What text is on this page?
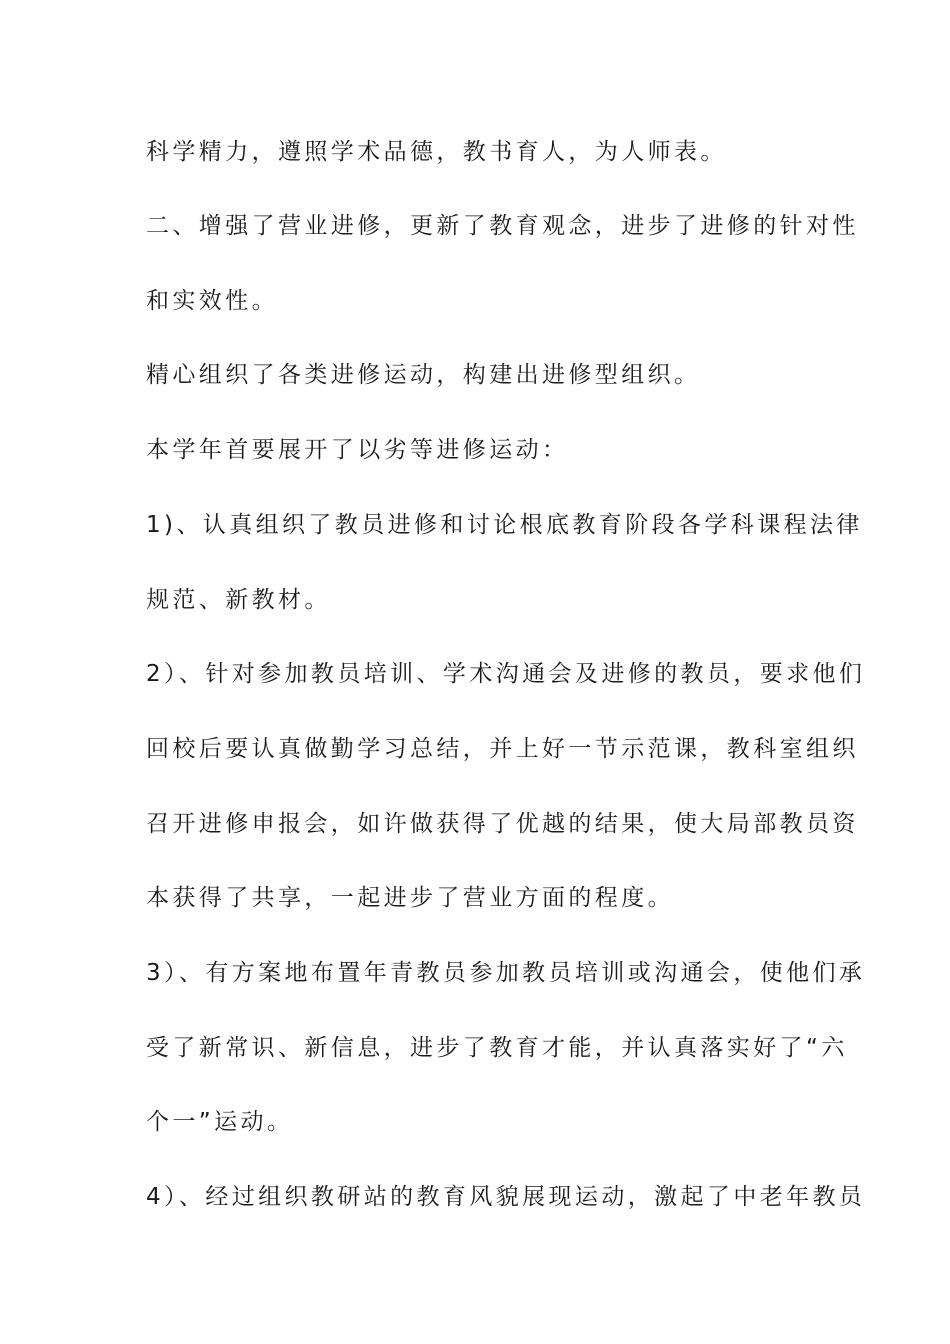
科学精力，遵照学术品德，教书育人，为人师表。
二、增强了营业进修，更新了教育观念，进步了进修的针对性
和实效性。
精心组织了各类进修运动，构建出进修型组织。
本学年首要展开了以劣等进修运动：
1)、认真组织了教员进修和讨论根底教育阶段各学科课程法律
规范、新教材。
2）、针对参加教员培训、学术沟通会及进修的教员，要求他们
回校后要认真做勤学习总结，并上好一节示范课，教科室组织
召开进修申报会，如许做获得了优越的结果，使大局部教员资
本获得了共享，一起进步了营业方面的程度。
3）、有方案地布置年青教员参加教员培训或沟通会，使他们承
受了新常识、新信息，进步了教育才能，并认真落实好了“六
个一”运动。
4）、经过组织教研站的教育风貌展现运动，激起了中老年教员
